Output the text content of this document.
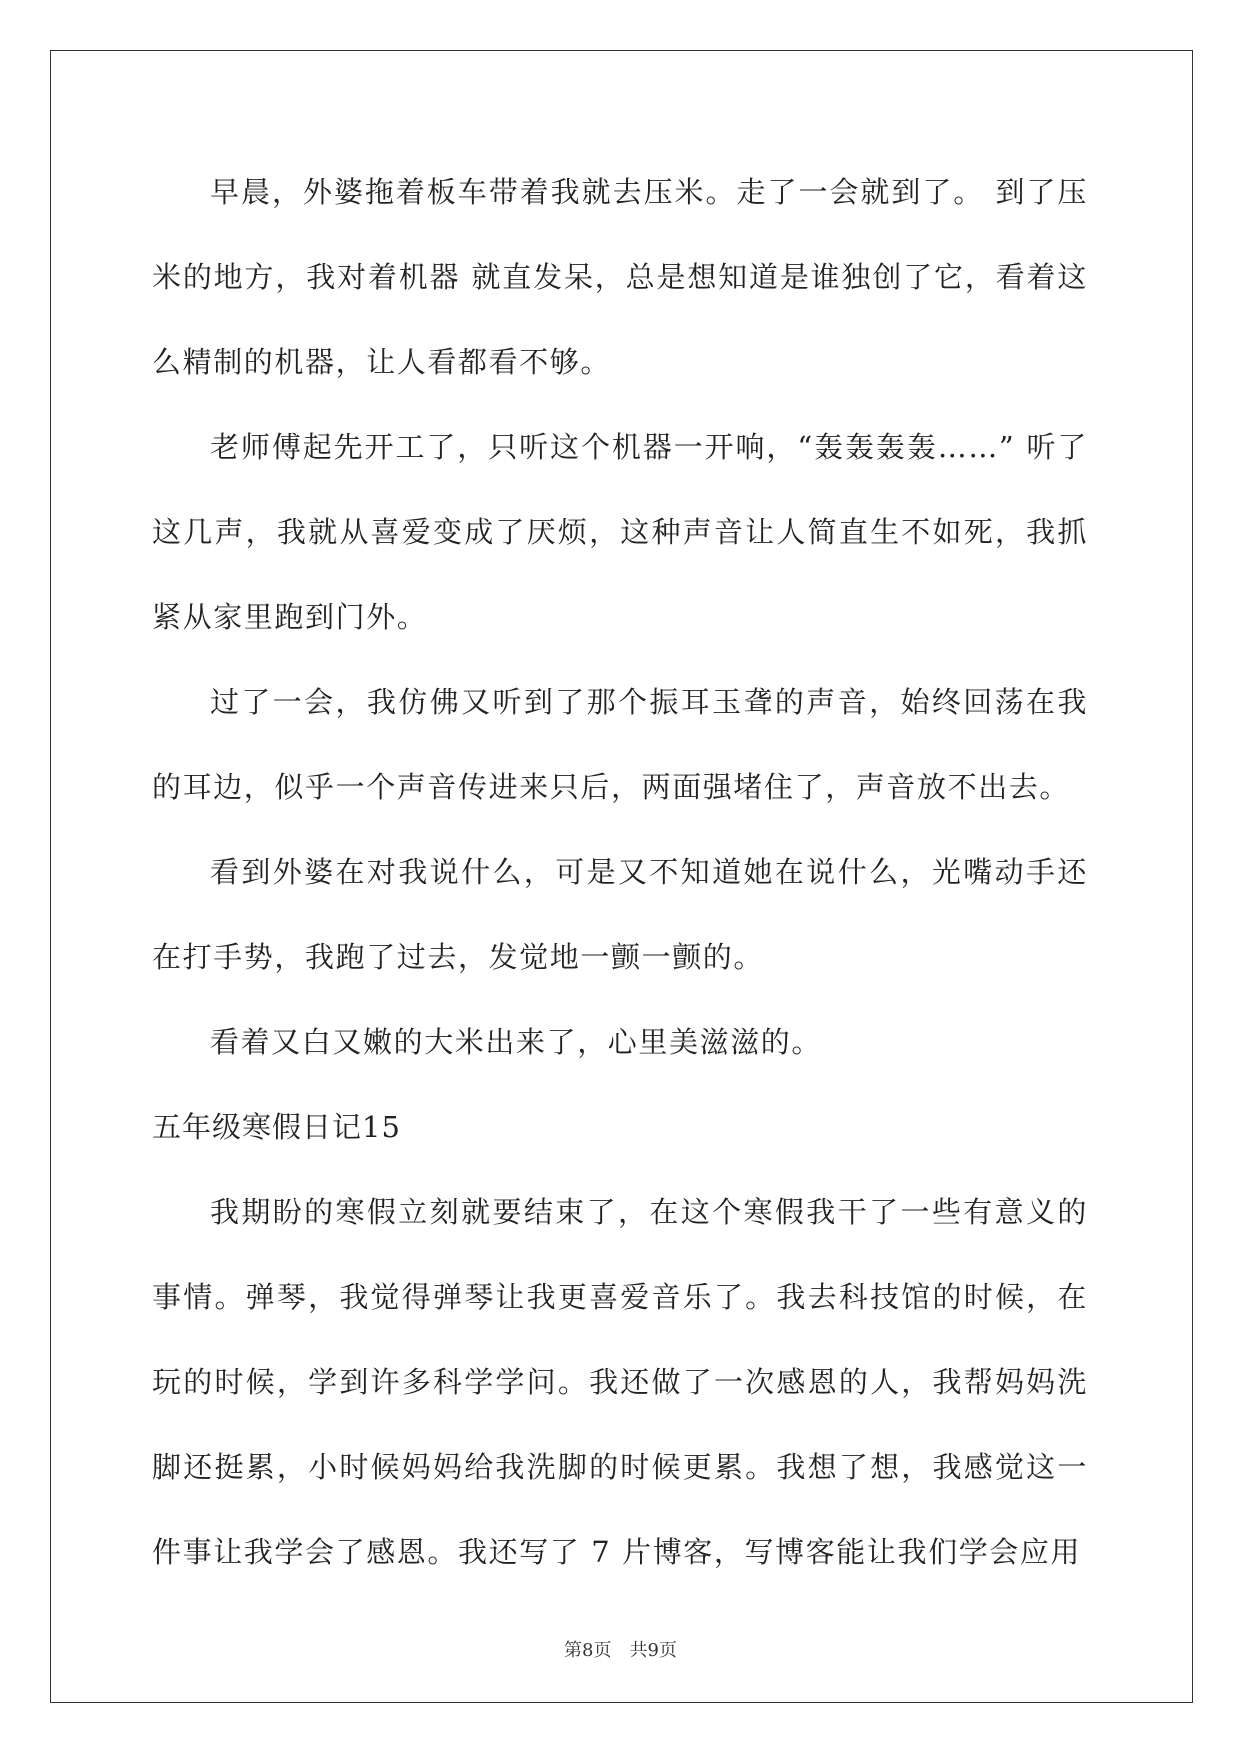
早晨，外婆拖着板车带着我就去压米。走了一会就到了。 到了压米的地方，我对着机器 就直发呆，总是想知道是谁独创了它，看着这么精制的机器，让人看都看不够。

老师傅起先开工了，只听这个机器一开响，“轰轰轰轰……” 听了这几声，我就从喜爱变成了厌烦，这种声音让人简直生不如死，我抓紧从家里跑到门外。

过了一会，我仿佛又听到了那个振耳玉聋的声音，始终回荡在我的耳边，似乎一个声音传进来只后，两面强堵住了，声音放不出去。

看到外婆在对我说什么，可是又不知道她在说什么，光嘴动手还在打手势，我跑了过去，发觉地一颤一颤的。

看着又白又嫩的大米出来了，心里美滋滋的。

五年级寒假日记15

我期盼的寒假立刻就要结束了，在这个寒假我干了一些有意义的事情。弹琴，我觉得弹琴让我更喜爱音乐了。我去科技馆的时候，在玩的时候，学到许多科学学问。我还做了一次感恩的人，我帮妈妈洗脚还挺累，小时候妈妈给我洗脚的时候更累。我想了想，我感觉这一件事让我学会了感恩。我还写了 7 片博客，写博客能让我们学会应用

第8页　共9页
